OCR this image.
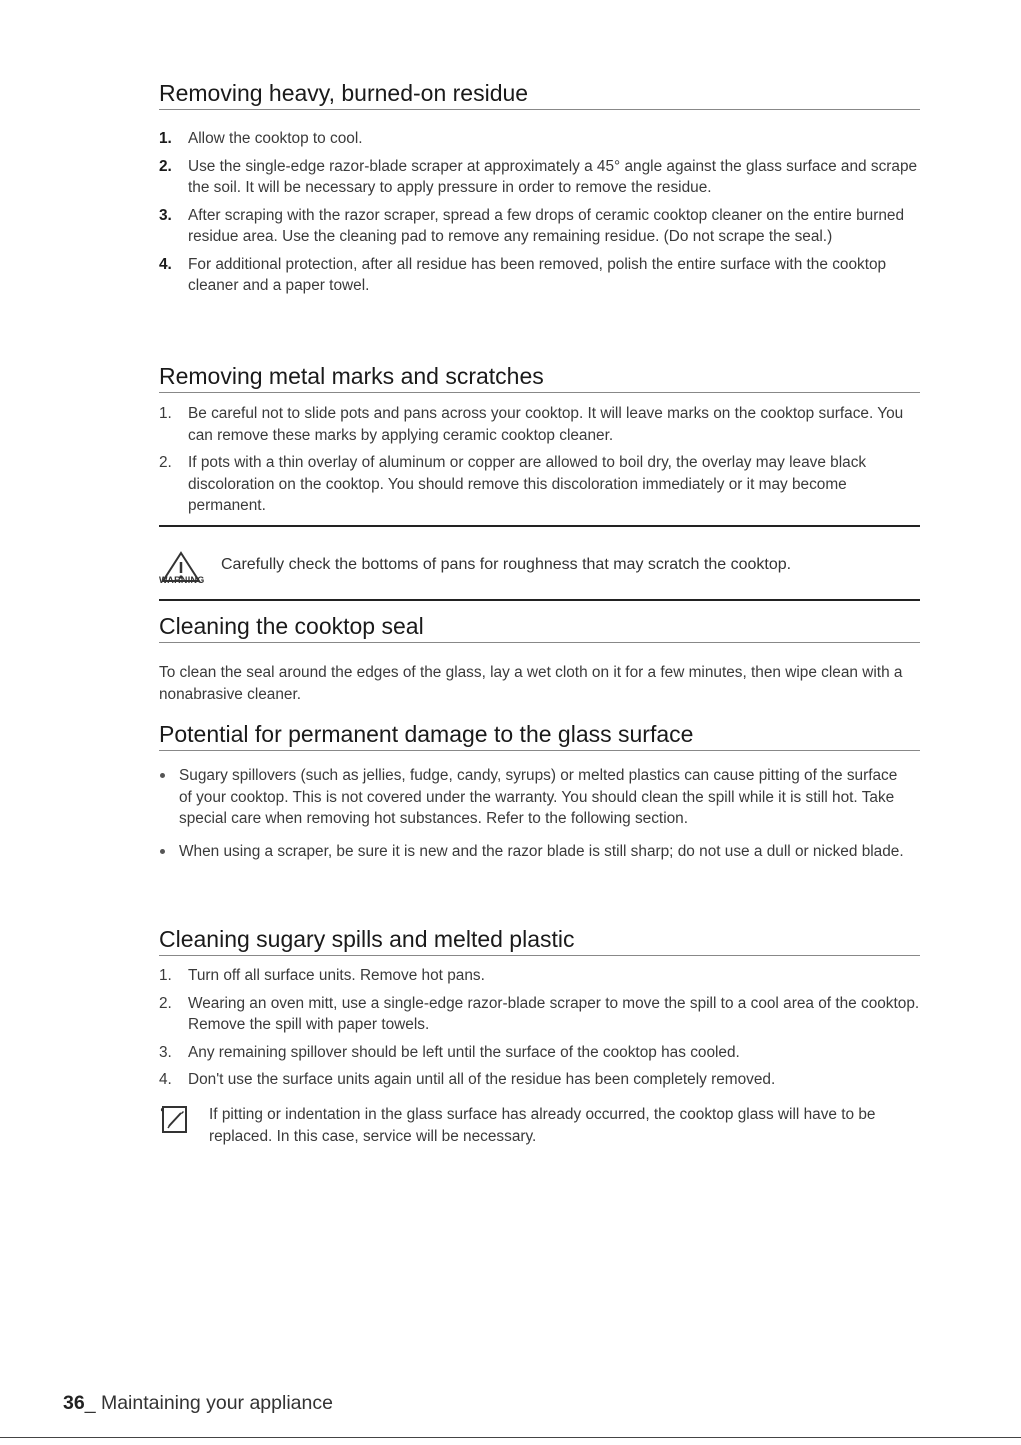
Removing heavy, burned-on residue
1.	Allow the cooktop to cool.
2.	Use the single-edge razor-blade scraper at approximately a 45° angle against the glass surface and scrape the soil. It will be necessary to apply pressure in order to remove the residue.
3.	After scraping with the razor scraper, spread a few drops of ceramic cooktop cleaner on the entire burned residue area. Use the cleaning pad to remove any remaining residue. (Do not scrape the seal.)
4.	For additional protection, after all residue has been removed, polish the entire surface with the cooktop cleaner and a paper towel.
Removing metal marks and scratches
1.	Be careful not to slide pots and pans across your cooktop. It will leave marks on the cooktop surface. You can remove these marks by applying ceramic cooktop cleaner.
2.	If pots with a thin overlay of aluminum or copper are allowed to boil dry, the overlay may leave black discoloration on the cooktop. You should remove this discoloration immediately or it may become permanent.
WARNING
Carefully check the bottoms of pans for roughness that may scratch the cooktop.
Cleaning the cooktop seal

To clean the seal around the edges of the glass, lay a wet cloth on it for a few minutes, then wipe clean with a nonabrasive cleaner.

Potential for permanent damage to the glass surface
Sugary spillovers (such as jellies, fudge, candy, syrups) or melted plastics can cause pitting of the surface of your cooktop. This is not covered under the warranty. You should clean the spill while it is still hot. Take special care when removing hot substances. Refer to the following section.
When using a scraper, be sure it is new and the razor blade is still sharp; do not use a dull or nicked blade.
Cleaning sugary spills and melted plastic
1.	Turn off all surface units. Remove hot pans.
2.	Wearing an oven mitt, use a single-edge razor-blade scraper to move the spill to a cool area of the cooktop. Remove the spill with paper towels.
3.	Any remaining spillover should be left until the surface of the cooktop has cooled.
4.	Don't use the surface units again until all of the residue has been completely removed.

If pitting or indentation in the glass surface has already occurred, the cooktop glass will have to be replaced. In this case, service will be necessary.

36_ Maintaining your appliance
